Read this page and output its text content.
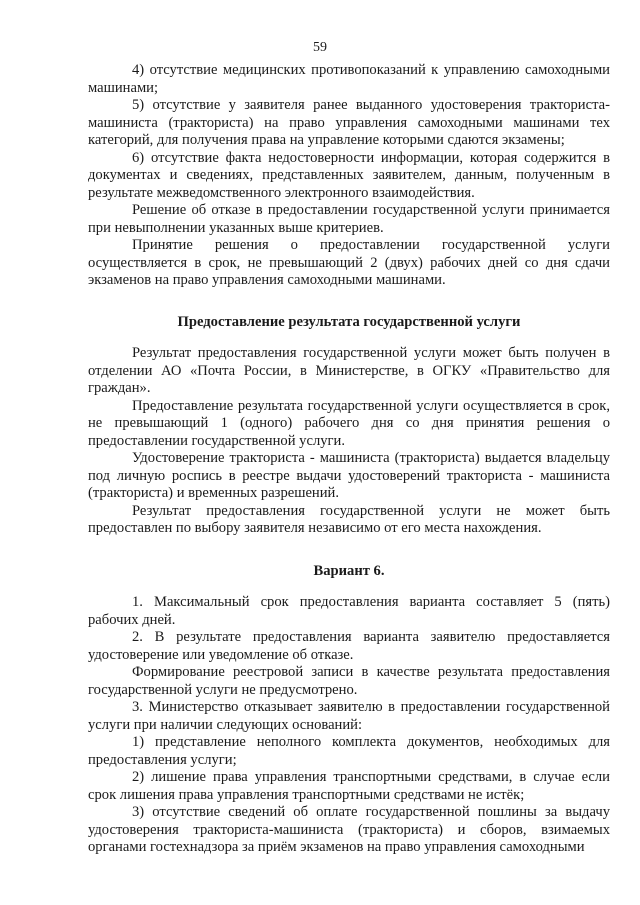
59

4) отсутствие медицинских противопоказаний к управлению самоходными машинами;

5) отсутствие у заявителя ранее выданного удостоверения тракториста-машиниста (тракториста) на право управления самоходными машинами тех категорий, для получения права на управление которыми сдаются экзамены;

6) отсутствие факта недостоверности информации, которая содержится в документах и сведениях, представленных заявителем, данным, полученным в результате межведомственного электронного взаимодействия.

Решение об отказе в предоставлении государственной услуги принимается при невыполнении указанных выше критериев.

Принятие решения о предоставлении государственной услуги осуществляется в срок, не превышающий 2 (двух) рабочих дней со дня сдачи экзаменов на право управления самоходными машинами.

Предоставление результата государственной услуги

Результат предоставления государственной услуги может быть получен в отделении АО «Почта России, в Министерстве, в ОГКУ «Правительство для граждан».

Предоставление результата государственной услуги осуществляется в срок, не превышающий 1 (одного) рабочего дня со дня принятия решения о предоставлении государственной услуги.

Удостоверение тракториста - машиниста (тракториста) выдается владельцу под личную роспись в реестре выдачи удостоверений тракториста - машиниста (тракториста) и временных разрешений.

Результат предоставления государственной услуги не может быть предоставлен по выбору заявителя независимо от его места нахождения.

Вариант 6.

1. Максимальный срок предоставления варианта составляет 5 (пять) рабочих дней.

2. В результате предоставления варианта заявителю предоставляется удостоверение или уведомление об отказе.

Формирование реестровой записи в качестве результата предоставления государственной услуги не предусмотрено.

3. Министерство отказывает заявителю в предоставлении государственной услуги при наличии следующих оснований:

1) представление неполного комплекта документов, необходимых для предоставления услуги;

2) лишение права управления транспортными средствами, в случае если срок лишения права управления транспортными средствами не истёк;

3) отсутствие сведений об оплате государственной пошлины за выдачу удостоверения тракториста-машиниста (тракториста) и сборов, взимаемых органами гостехнадзора за приём экзаменов на право управления самоходными
